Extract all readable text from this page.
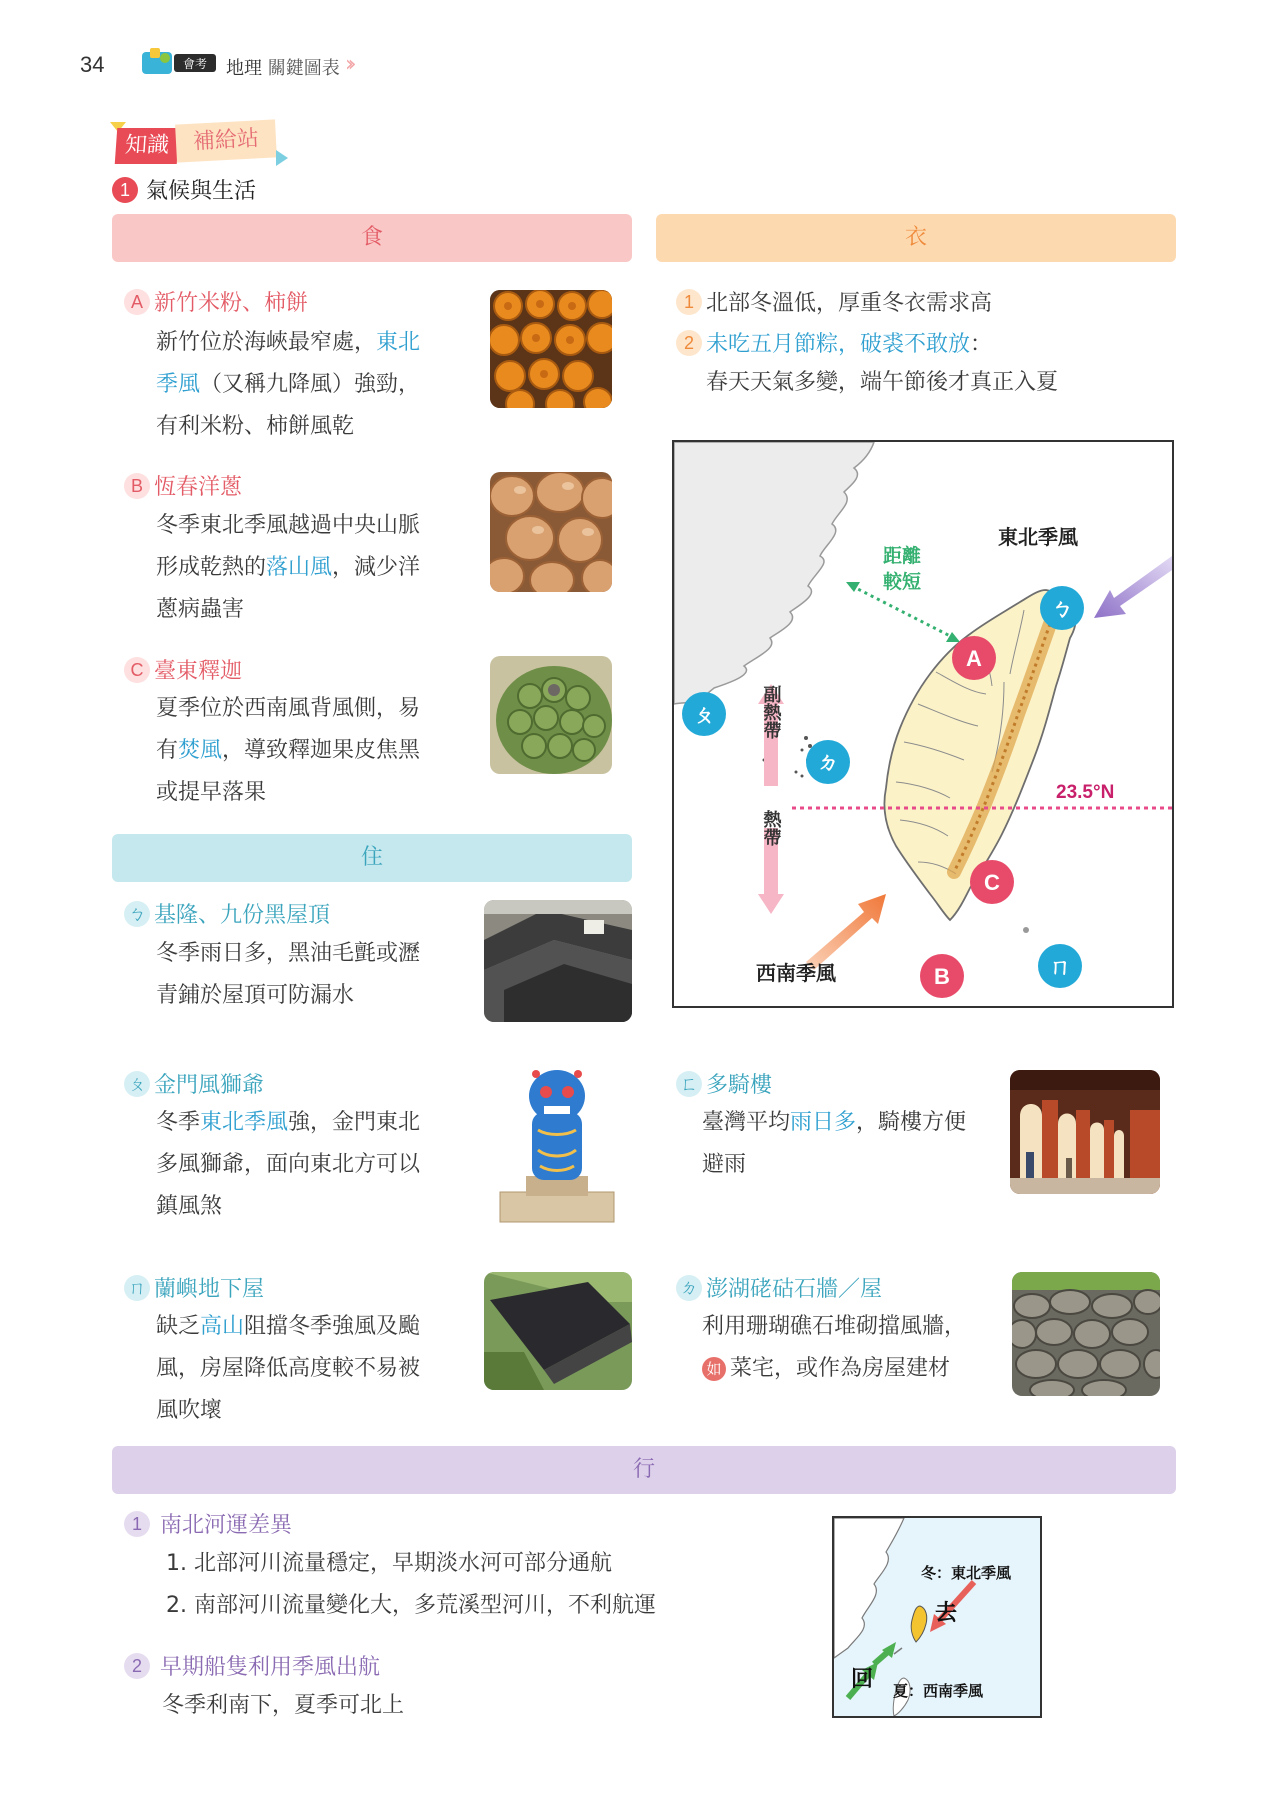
34	會考 地理 關鍵圖表 ››
知識	補給站
1 氣候與生活
食	衣
住
行
A 新竹米粉、柿餅
新竹位於海峽最窄處，東北
季風（又稱九降風）強勁，
有利米粉、柿餅風乾
B 恆春洋蔥
冬季東北季風越過中央山脈
形成乾熱的落山風，減少洋
蔥病蟲害
C 臺東釋迦
夏季位於西南風背風側，易
有焚風，導致釋迦果皮焦黑
或提早落果
1 北部冬溫低，厚重冬衣需求高
2 未吃五月節粽，破裘不敢放 ：
春天天氣多變，端午節後才真正入夏
23.5°N
副熱帶
熱帶
距離
較短
東北季風
西南季風
A
B
C
ㄅ
ㄆ
ㄉ
ㄇ
ㄅ 基隆、九份黑屋頂
冬季雨日多，黑油毛氈或瀝
青鋪於屋頂可防漏水
ㄆ 金門風獅爺
冬季東北季風強，金門東北
多風獅爺，面向東北方可以
鎮風煞
ㄈ 多騎樓
臺灣平均雨日多，騎樓方便
避雨
ㄇ 蘭嶼地下屋
缺乏高山阻擋冬季強風及颱
風，房屋降低高度較不易被
風吹壞
ㄉ 澎湖硓𥑮石牆／屋
利用珊瑚礁石堆砌擋風牆，
如 菜宅，或作為房屋建材
1 南北河運差異
1. 北部河川流量穩定，早期淡水河可部分通航
2. 南部河川流量變化大，多荒溪型河川，不利航運
2 早期船隻利用季風出航
冬季利南下，夏季可北上
冬：東北季風
去
回 夏：西南季風
